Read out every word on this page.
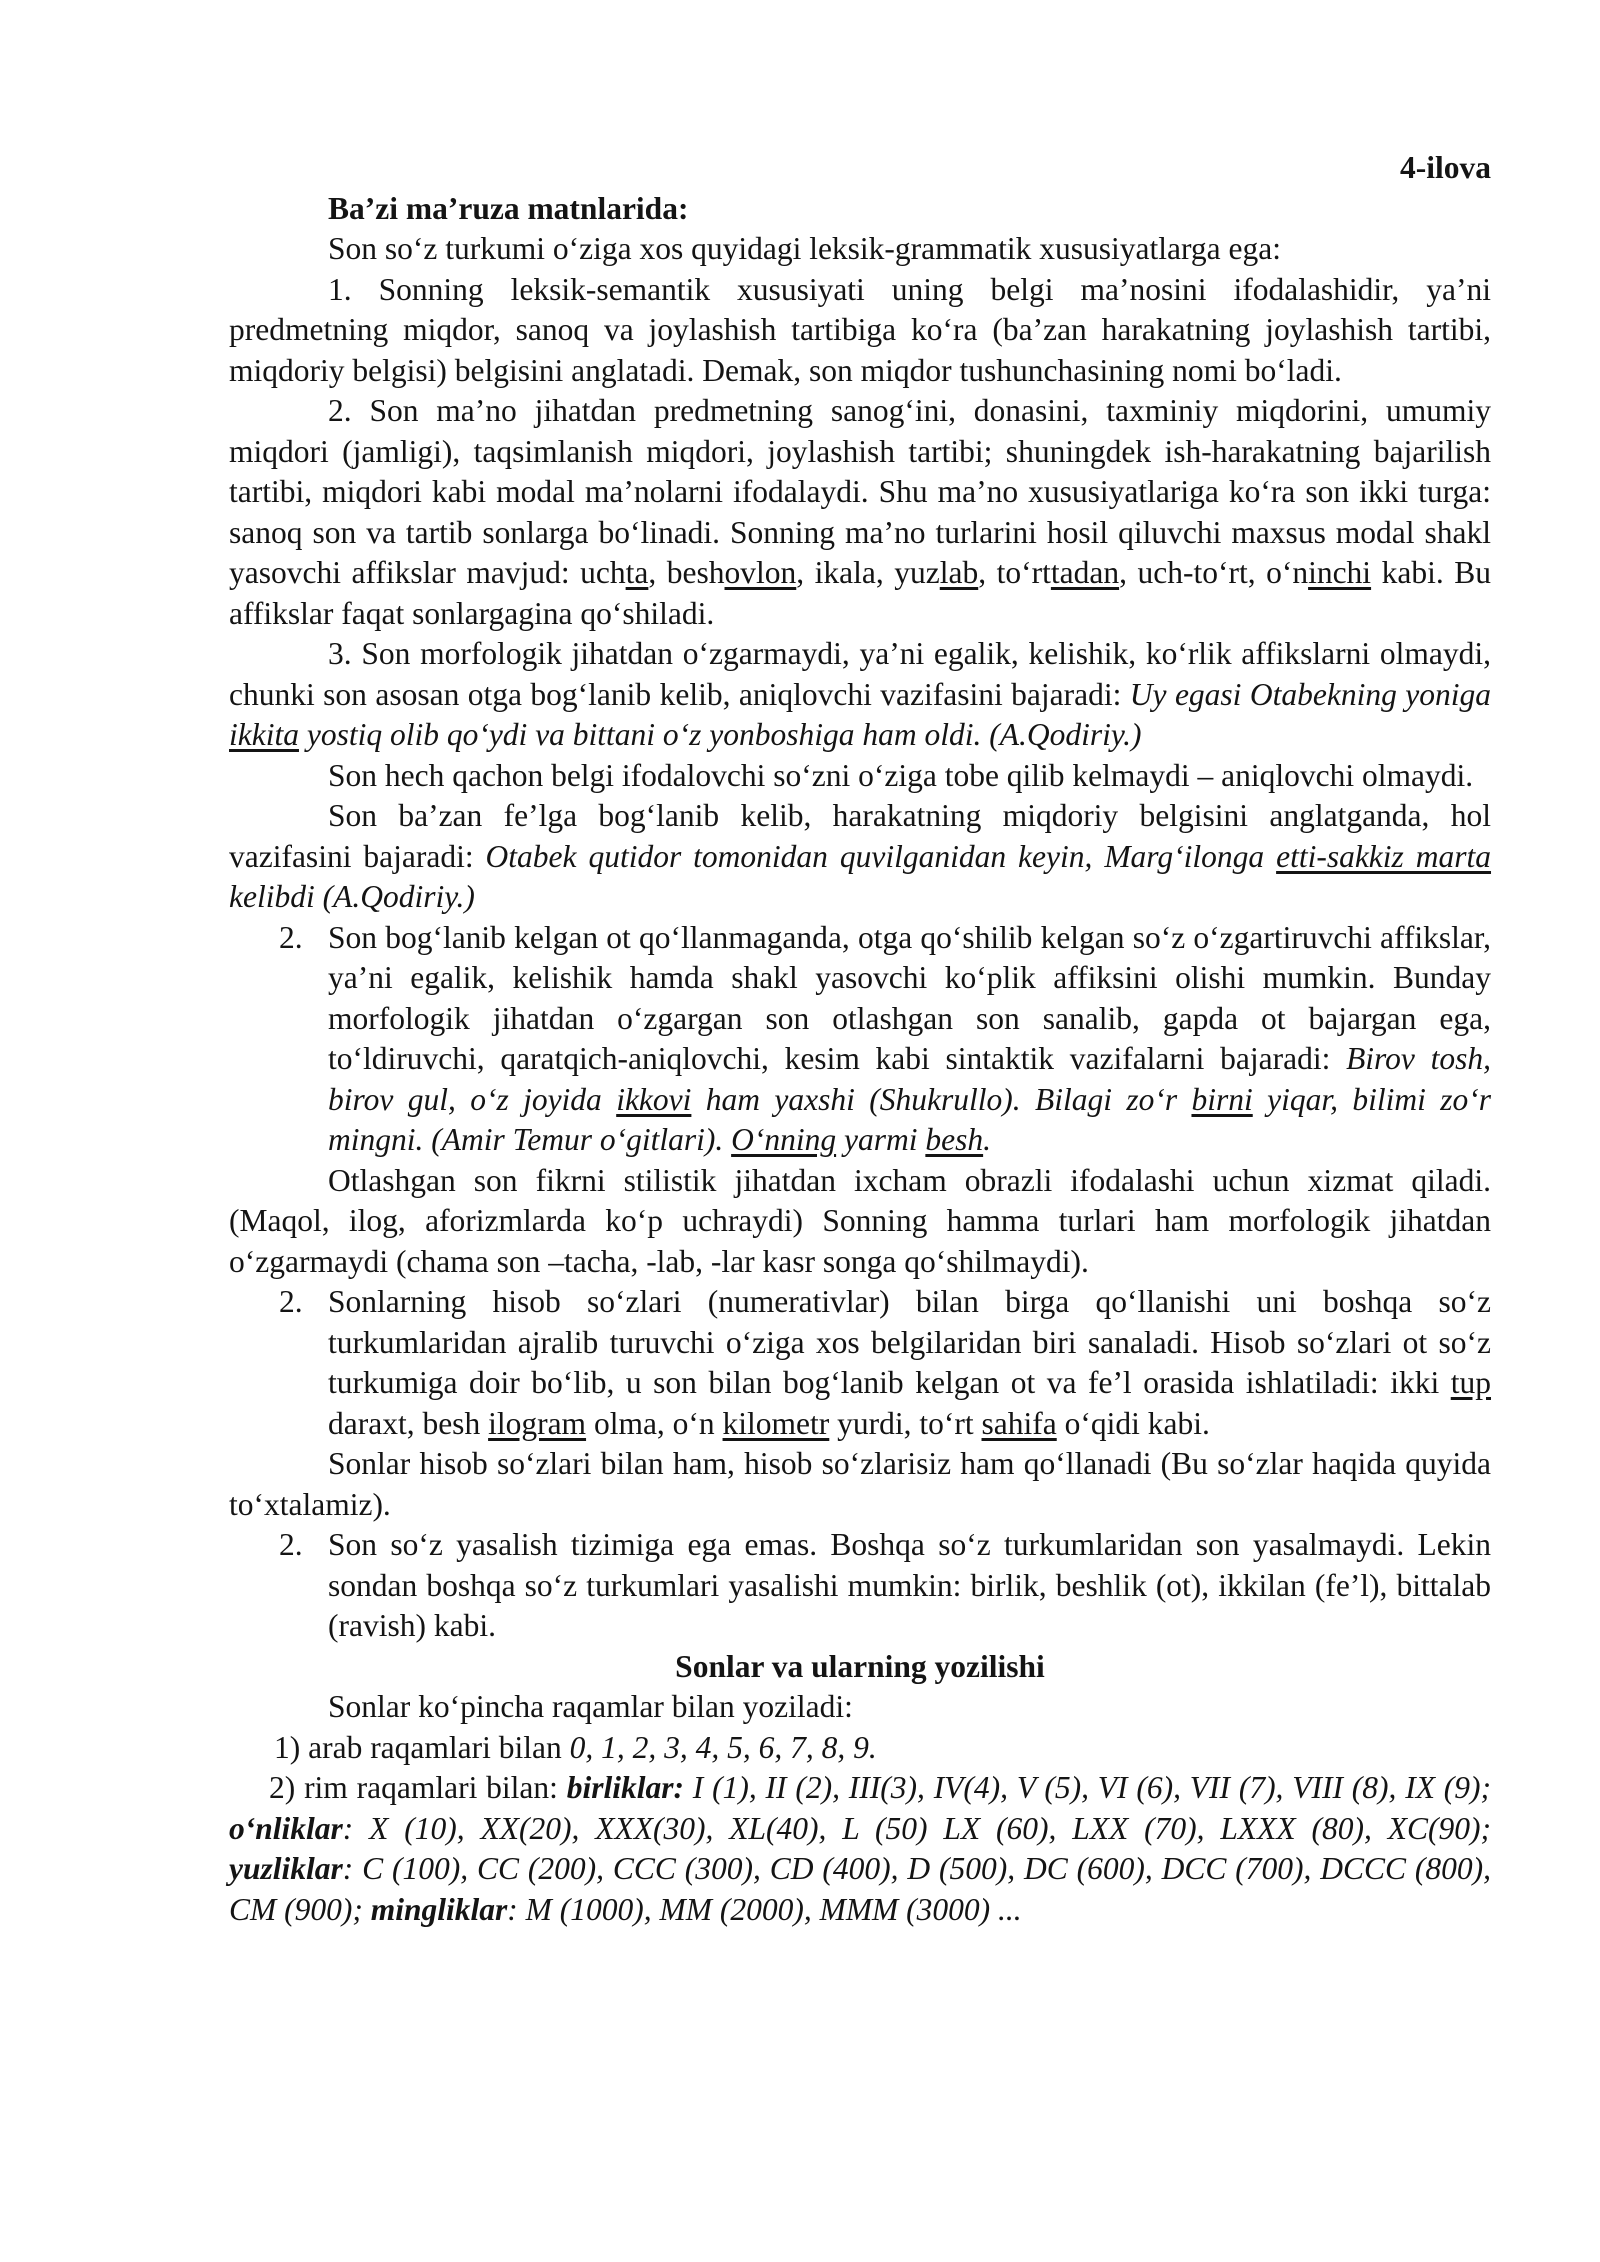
4-ilova

Ba’zi ma’ruza matnlarida:

Son so‘z turkumi o‘ziga xos quyidagi leksik-grammatik xususiyatlarga ega:

1. Sonning leksik-semantik xususiyati uning belgi ma’nosini ifodalashidir, ya’ni predmetning miqdor, sanoq va joylashish tartibiga ko‘ra (ba’zan harakatning joylashish tartibi, miqdoriy belgisi) belgisini anglatadi. Demak, son miqdor tushunchasining nomi bo‘ladi.

2. Son ma’no jihatdan predmetning sanog‘ini, donasini, taxminiy miqdorini, umumiy miqdori (jamligi), taqsimlanish miqdori, joylashish tartibi; shuningdek ish-harakatning bajarilish tartibi, miqdori kabi modal ma’nolarni ifodalaydi. Shu ma’no xususiyatlariga ko‘ra son ikki turga: sanoq son va tartib sonlarga bo‘linadi. Sonning ma’no turlarini hosil qiluvchi maxsus modal shakl yasovchi affikslar mavjud: uchta, beshovlon, ikala, yuzlab, to‘rttadan, uch-to‘rt, o‘ninchi kabi. Bu affikslar faqat sonlargagina qo‘shiladi.

3. Son morfologik jihatdan o‘zgarmaydi, ya’ni egalik, kelishik, ko‘rlik affikslarni olmaydi, chunki son asosan otga bog‘lanib kelib, aniqlovchi vazifasini bajaradi: Uy egasi Otabekning yoniga ikkita yostiq olib qo‘ydi va bittani o‘z yonboshiga ham oldi. (A.Qodiriy.)

Son hech qachon belgi ifodalovchi so‘zni o‘ziga tobe qilib kelmaydi – aniqlovchi olmaydi.

Son ba’zan fe’lga bog‘lanib kelib, harakatning miqdoriy belgisini anglatganda, hol vazifasini bajaradi: Otabek qutidor tomonidan quvilganidan keyin, Marg‘ilonga etti-sakkiz marta kelibdi (A.Qodiriy.)

2. Son bog‘lanib kelgan ot qo‘llanmaganda, otga qo‘shilib kelgan so‘z o‘zgartiruvchi affikslar, ya’ni egalik, kelishik hamda shakl yasovchi ko‘plik affiksini olishi mumkin. Bunday morfologik jihatdan o‘zgargan son otlashgan son sanalib, gapda ot bajargan ega, to‘ldiruvchi, qaratqich-aniqlovchi, kesim kabi sintaktik vazifalarni bajaradi: Birov tosh, birov gul, o‘z joyida ikkovi ham yaxshi (Shukrullo). Bilagi zo‘r birni yiqar, bilimi zo‘r mingni. (Amir Temur o‘gitlari). O‘nning yarmi besh.

Otlashgan son fikrni stilistik jihatdan ixcham obrazli ifodalashi uchun xizmat qiladi. (Maqol, ilog, aforizmlarda ko‘p uchraydi) Sonning hamma turlari ham morfologik jihatdan o‘zgarmaydi (chama son –tacha, -lab, -lar kasr songa qo‘shilmaydi).

2. Sonlarning hisob so‘zlari (numerativlar) bilan birga qo‘llanishi uni boshqa so‘z turkumlaridan ajralib turuvchi o‘ziga xos belgilaridan biri sanaladi. Hisob so‘zlari ot so‘z turkumiga doir bo‘lib, u son bilan bog‘lanib kelgan ot va fe’l orasida ishlatiladi: ikki tup daraxt, besh ilogram olma, o‘n kilometr yurdi, to‘rt sahifa o‘qidi kabi.

Sonlar hisob so‘zlari bilan ham, hisob so‘zlarisiz ham qo‘llanadi (Bu so‘zlar haqida quyida to‘xtalamiz).

2. Son so‘z yasalish tizimiga ega emas. Boshqa so‘z turkumlaridan son yasalmaydi. Lekin sondan boshqa so‘z turkumlari yasalishi mumkin: birlik, beshlik (ot), ikkilan (fe’l), bittalab (ravish) kabi.

Sonlar va ularning yozilishi

Sonlar ko‘pincha raqamlar bilan yoziladi:

1) arab raqamlari bilan 0, 1, 2, 3, 4, 5, 6, 7, 8, 9.

2) rim raqamlari bilan: birliklar: I (1), II (2), III(3), IV(4), V (5), VI (6), VII (7), VIII (8), IX (9); o‘nliklar: X (10), XX(20), XXX(30), XL(40), L (50) LX (60), LXX (70), LXXX (80), XC(90); yuzliklar: C (100), CC (200), CCC (300), CD (400), D (500), DC (600), DCC (700), DCCC (800), CM (900); mingliklar: M (1000), MM (2000), MMM (3000) ...
